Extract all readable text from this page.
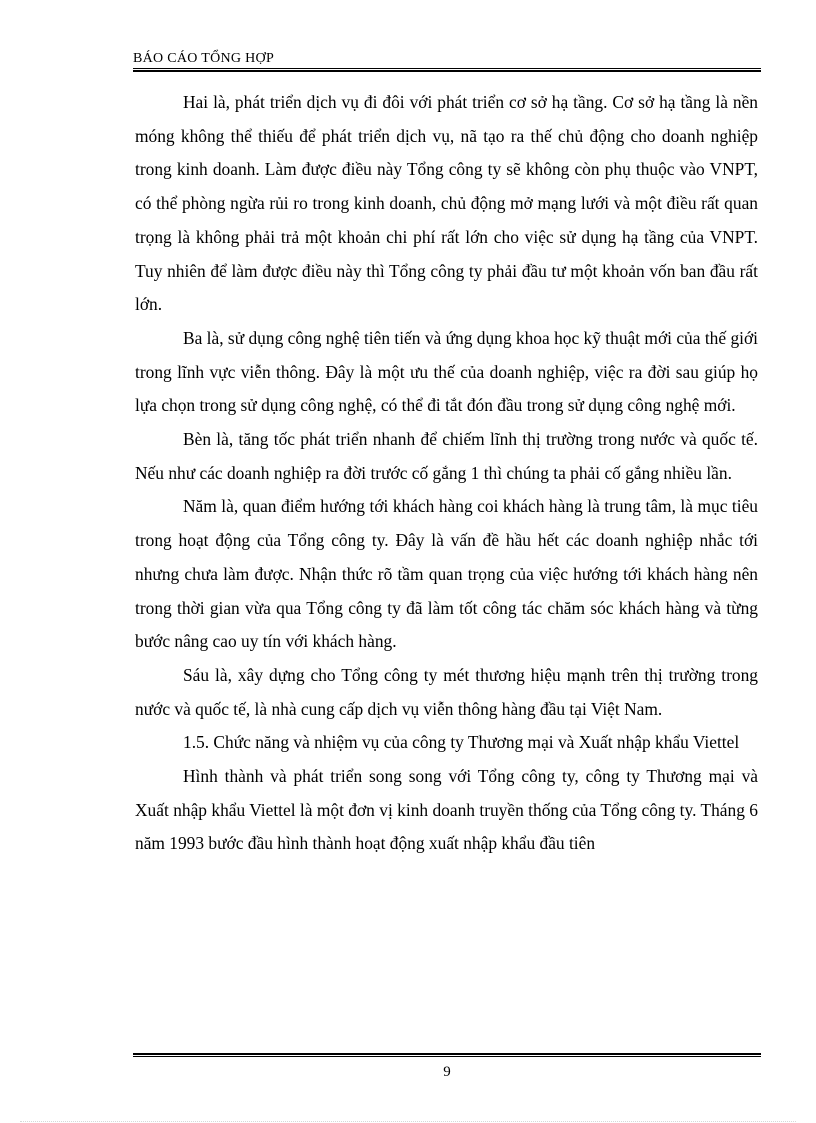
BÁO CÁO TỔNG HỢP

Hai là, phát triển dịch vụ đi đôi với phát triển cơ sở hạ tầng. Cơ sở hạ tầng là nền móng không thể thiếu để phát triển dịch vụ, nã tạo ra thế chủ động cho doanh nghiệp trong kinh doanh. Làm được điều này Tổng công ty sẽ không còn phụ thuộc vào VNPT, có thể phòng ngừa rủi ro trong kinh doanh, chủ động mở mạng lưới và một điều rất quan trọng là không phải trả một khoản chi phí rất lớn cho việc sử dụng hạ tầng của VNPT. Tuy nhiên để làm được điều này thì Tổng công ty phải đầu tư một khoản vốn ban đầu rất lớn.

Ba là, sử dụng công nghệ tiên tiến và ứng dụng khoa học kỹ thuật mới của thế giới trong lĩnh vực viễn thông. Đây là một ưu thế của doanh nghiệp, việc ra đời sau giúp họ lựa chọn trong sử dụng công nghệ, có thể đi tắt đón đầu trong sử dụng công nghệ mới.

Bèn là, tăng tốc phát triển nhanh để chiếm lĩnh thị trường trong nước và quốc tế. Nếu như các doanh nghiệp ra đời trước cố gắng 1 thì chúng ta phải cố gắng nhiều lần.

Năm là, quan điểm hướng tới khách hàng coi khách hàng là trung tâm, là mục tiêu trong hoạt động của Tổng công ty. Đây là vấn đề hầu hết các doanh nghiệp nhắc tới nhưng chưa làm được. Nhận thức rõ tầm quan trọng của việc hướng tới khách hàng nên trong thời gian vừa qua Tổng công ty đã làm tốt công tác chăm sóc khách hàng và từng bước nâng cao uy tín với khách hàng.

Sáu là, xây dựng cho Tổng công ty mét thương hiệu mạnh trên thị trường trong nước và quốc tế, là nhà cung cấp dịch vụ viễn thông hàng đầu tại Việt Nam.

1.5. Chức năng và nhiệm vụ của công ty Thương mại và Xuất nhập khẩu Viettel

Hình thành và phát triển song song với Tổng công ty, công ty Thương mại và Xuất nhập khẩu Viettel là một đơn vị kinh doanh truyền thống của Tổng công ty. Tháng 6 năm 1993 bước đầu hình thành hoạt động xuất nhập khẩu đầu tiên

9
